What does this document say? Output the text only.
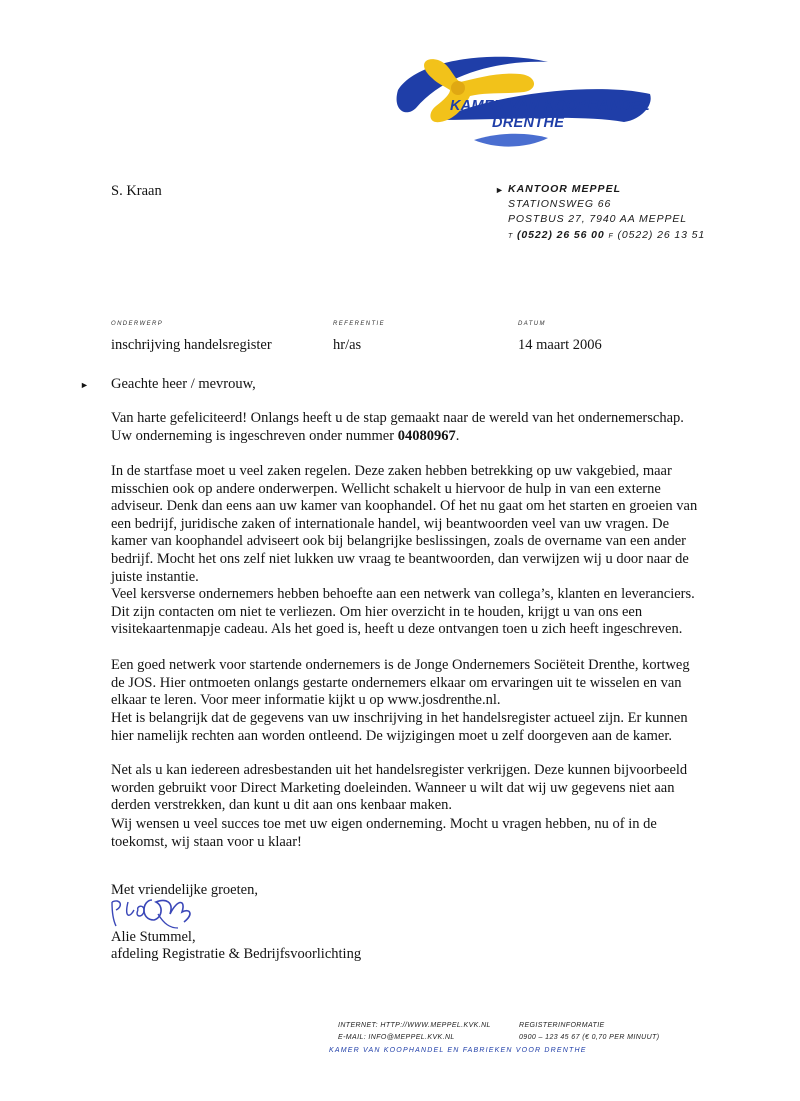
KAMER VAN KOOPHANDEL
DRENTHE
S. Kraan	► KANTOOR MEPPEL
STATIONSWEG 66
POSTBUS 27, 7940 AA MEPPEL
T (0522) 26 56 00 F (0522) 26 13 51
ONDERWERP
inschrijving handelsregister
REFERENTIE
hr/as
DATUM
14 maart 2006
► Geachte heer / mevrouw,
Van harte gefeliciteerd! Onlangs heeft u de stap gemaakt naar de wereld van het ondernemerschap. Uw onderneming is ingeschreven onder nummer 04080967.
In de startfase moet u veel zaken regelen. Deze zaken hebben betrekking op uw vakgebied, maar misschien ook op andere onderwerpen. Wellicht schakelt u hiervoor de hulp in van een externe adviseur. Denk dan eens aan uw kamer van koophandel. Of het nu gaat om het starten en groeien van een bedrijf, juridische zaken of internationale handel, wij beantwoorden veel van uw vragen. De kamer van koophandel adviseert ook bij belangrijke beslissingen, zoals de overname van een ander bedrijf. Mocht het ons zelf niet lukken uw vraag te beantwoorden, dan verwijzen wij u door naar de juiste instantie.
Veel kersverse ondernemers hebben behoefte aan een netwerk van collega’s, klanten en leveranciers. Dit zijn contacten om niet te verliezen. Om hier overzicht in te houden, krijgt u van ons een visitekaartenmapje cadeau. Als het goed is, heeft u deze ontvangen toen u zich heeft ingeschreven.
Een goed netwerk voor startende ondernemers is de Jonge Ondernemers Sociëteit Drenthe, kortweg de JOS. Hier ontmoeten onlangs gestarte ondernemers elkaar om ervaringen uit te wisselen en van elkaar te leren. Voor meer informatie kijkt u op www.josdrenthe.nl.
Het is belangrijk dat de gegevens van uw inschrijving in het handelsregister actueel zijn. Er kunnen hier namelijk rechten aan worden ontleend. De wijzigingen moet u zelf doorgeven aan de kamer.
Net als u kan iedereen adresbestanden uit het handelsregister verkrijgen. Deze kunnen bijvoorbeeld worden gebruikt voor Direct Marketing doeleinden. Wanneer u wilt dat wij uw gegevens niet aan derden verstrekken, dan kunt u dit aan ons kenbaar maken.
Wij wensen u veel succes toe met uw eigen onderneming. Mocht u vragen hebben, nu of in de toekomst, wij staan voor u klaar!
Met vriendelijke groeten,
Alie Stummel,
afdeling Registratie & Bedrijfsvoorlichting
INTERNET: HTTP://WWW.MEPPEL.KVK.NL
E-MAIL: INFO@MEPPEL.KVK.NL
REGISTERINFORMATIE
0900 – 123 45 67 (€ 0,70 PER MINUUT)
KAMER VAN KOOPHANDEL EN FABRIEKEN VOOR DRENTHE
